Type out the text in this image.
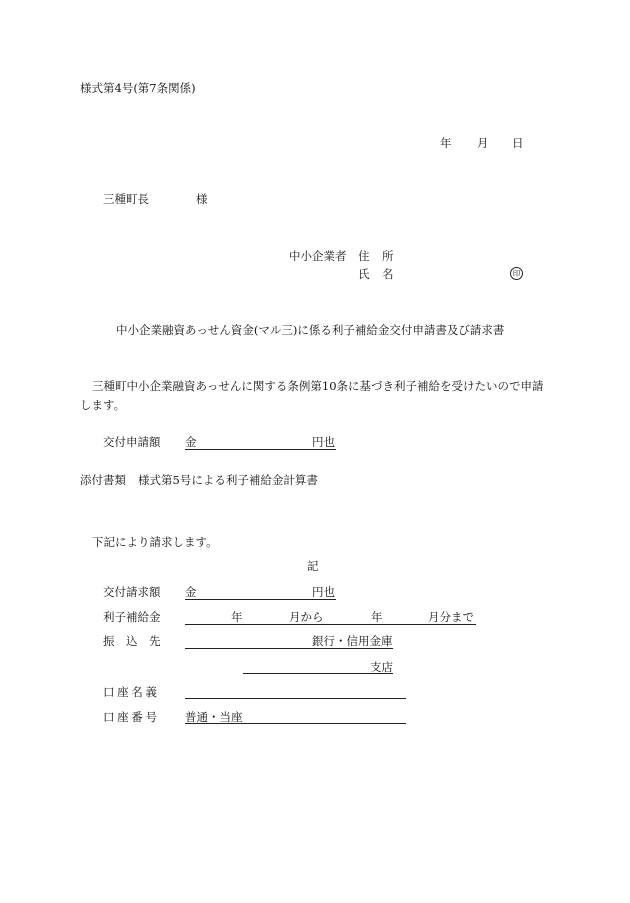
様式第4号(第7条関係)
年 月 日
三種町長	様
中小企業者 住 所
氏 名	印
中小企業融資あっせん資金(マル三)に係る利子補給金交付申請書及び請求書
三種町中小企業融資あっせんに関する条例第10条に基づき利子補給を受けたいので申請
します。
交付申請額 金	円也
添付書類 様式第5号による利子補給金計算書
下記により請求します。
記
交付請求額 金	円也
利子補給金	年	月から	年	月分まで
振　込　先	銀行・信用金庫
支店
口 座 名 義
口 座 番 号 普通・当座
